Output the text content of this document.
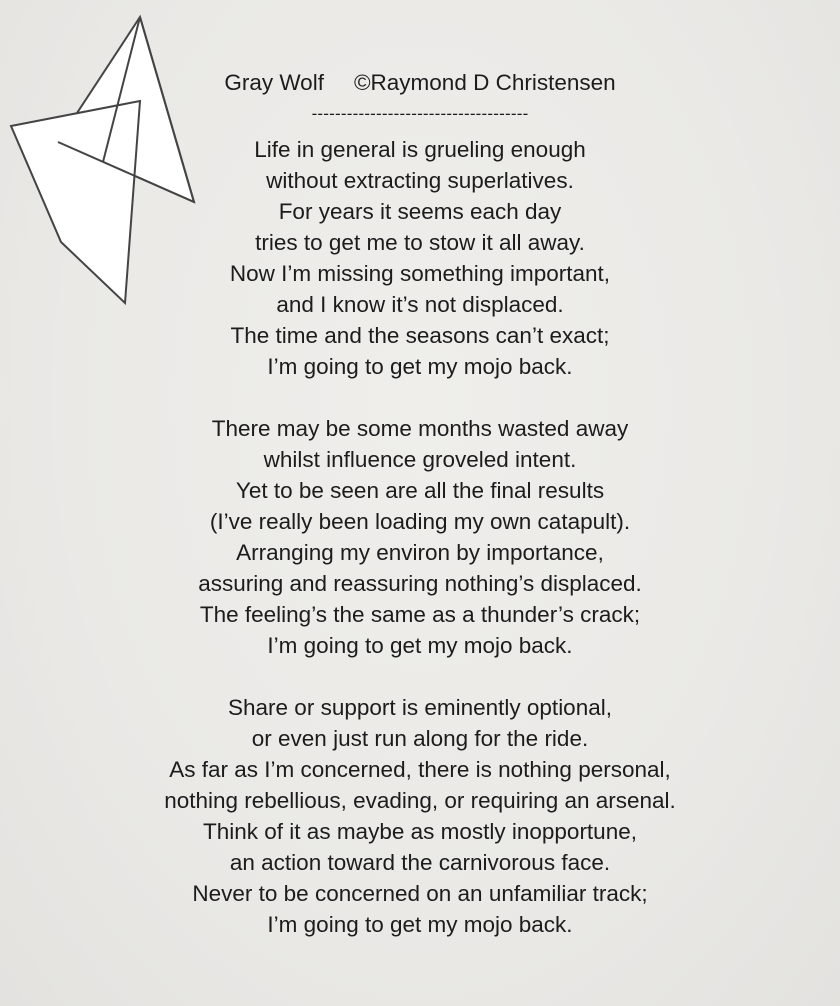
Gray Wolf ©Raymond D Christensen
-------------------------------------
Life in general is grueling enough
without extracting superlatives.
For years it seems each day
tries to get me to stow it all away.
Now I’m missing something important,
and I know it’s not displaced.
The time and the seasons can’t exact;
I’m going to get my mojo back.
There may be some months wasted away
whilst influence groveled intent.
Yet to be seen are all the final results
(I’ve really been loading my own catapult).
Arranging my environ by importance,
assuring and reassuring nothing’s displaced.
The feeling’s the same as a thunder’s crack;
I’m going to get my mojo back.
Share or support is eminently optional,
or even just run along for the ride.
As far as I’m concerned, there is nothing personal,
nothing rebellious, evading, or requiring an arsenal.
Think of it as maybe as mostly inopportune,
an action toward the carnivorous face.
Never to be concerned on an unfamiliar track;
I’m going to get my mojo back.
